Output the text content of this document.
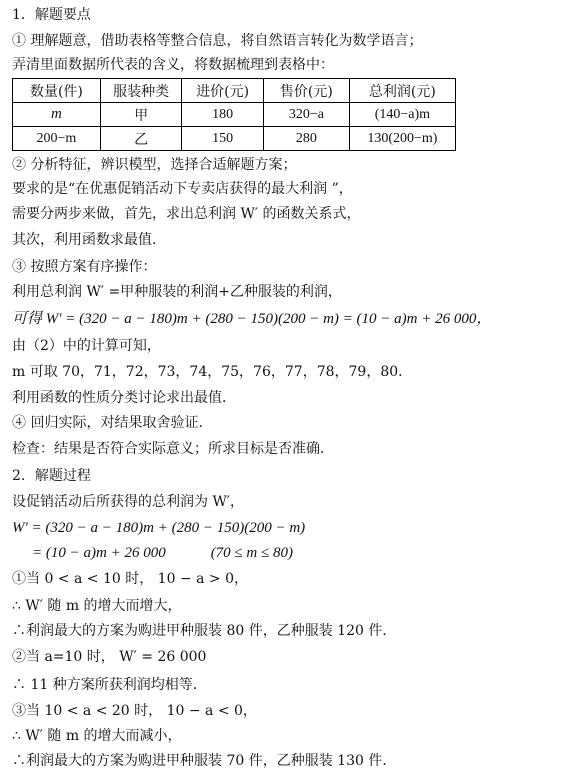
1．解题要点
① 理解题意，借助表格等整合信息，将自然语言转化为数学语言；
弄清里面数据所代表的含义，将数据梳理到表格中：
数量(件)	服装种类	进价(元)	售价(元)	总利润(元)
m	甲	180	320−a	(140−a)m
200−m	乙	150	280	130(200−m)
② 分析特征，辨识模型，选择合适解题方案；
要求的是“在优惠促销活动下专卖店获得的最大利润 ”，
需要分两步来做，首先，求出总利润 W′ 的函数关系式，
其次，利用函数求最值．
③ 按照方案有序操作：
利用总利润 W′ =甲种服装的利润+乙种服装的利润，
可得 W′ = (320 − a − 180)m + (280 − 150)(200 − m) = (10 − a)m + 26 000，
由（2）中的计算可知，
m 可取 70，71，72，73，74，75，76，77，78，79，80．
利用函数的性质分类讨论求出最值．
④ 回归实际，对结果取舍验证．
检查：结果是否符合实际意义；所求目标是否准确．
2．解题过程
设促销活动后所获得的总利润为 W′，
W′ = (320 − a − 180)m + (280 − 150)(200 − m)
= (10 − a)m + 26 000　　　(70 ≤ m ≤ 80)
①当 0 < a < 10 时， 10 − a > 0，
∴ W′ 随 m 的增大而增大，
∴利润最大的方案为购进甲种服装 80 件，乙种服装 120 件．
②当 a=10 时， W′ = 26 000
∴ 11 种方案所获利润均相等．
③当 10 < a < 20 时， 10 − a < 0，
∴ W′ 随 m 的增大而减小，
∴利润最大的方案为购进甲种服装 70 件，乙种服装 130 件．
